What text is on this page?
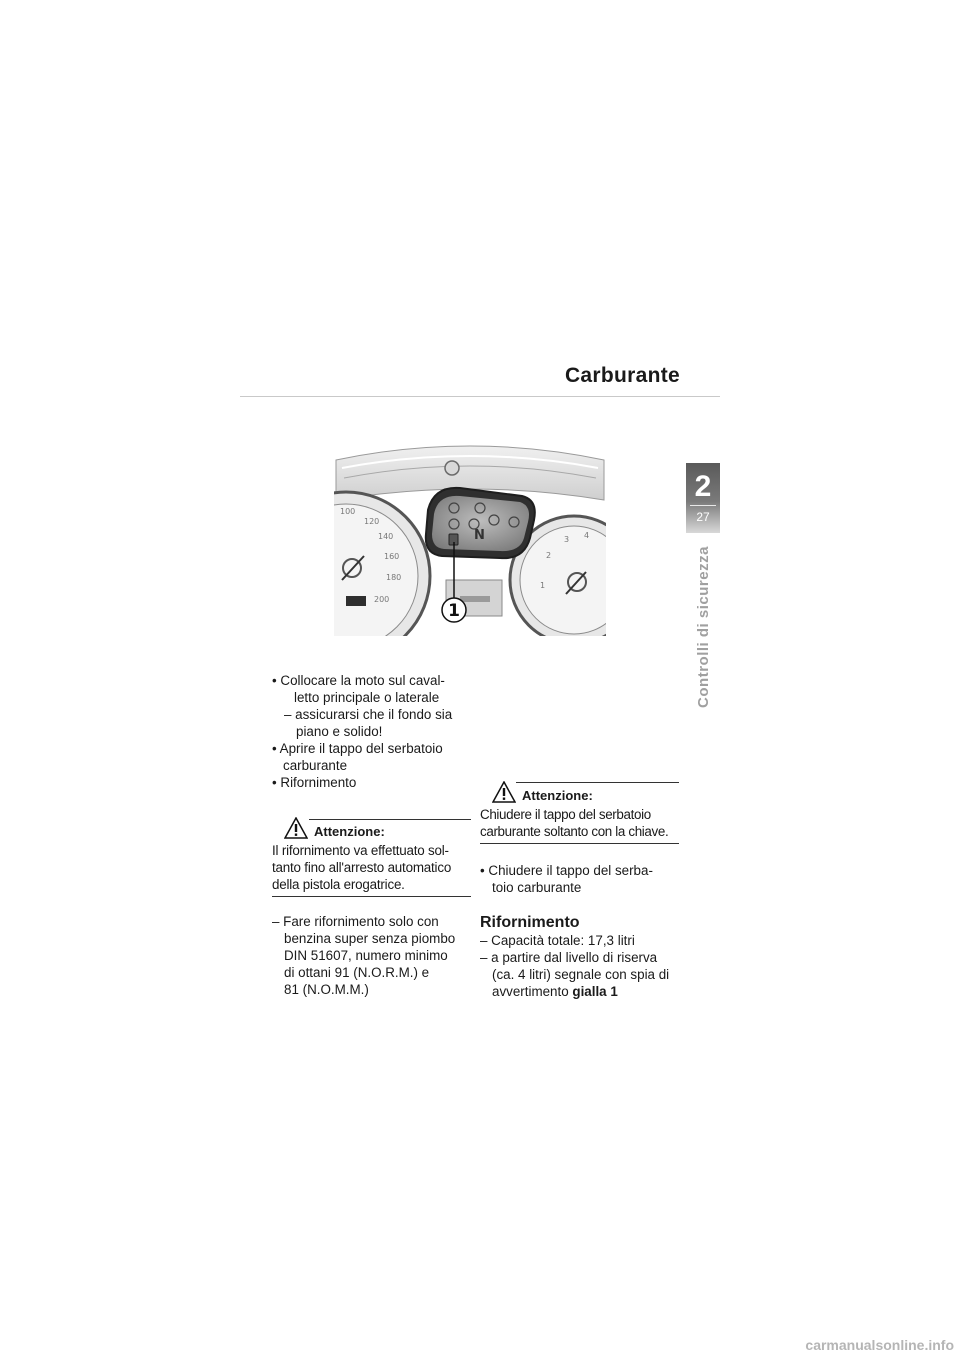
Carburante
2
27
Controlli di sicurezza
100
120
140
160
180
200
1
2
3 4
N
1
• Collocare la moto sul caval-
letto principale o laterale
– assicurarsi che il fondo sia
piano e solido!
• Aprire il tappo del serbatoio
carburante
• Rifornimento
Attenzione:
Il rifornimento va effettuato sol-
tanto fino all'arresto automatico
della pistola erogatrice.
– Fare rifornimento solo con
benzina super senza piombo
DIN 51607, numero minimo
di ottani 91 (N.O.R.M.) e
81 (N.O.M.M.)
Attenzione:
Chiudere il tappo del serbatoio
carburante soltanto con la chiave.
• Chiudere il tappo del serba-
toio carburante
Rifornimento
– Capacità totale: 17,3 litri
– a partire dal livello di riserva
(ca. 4 litri) segnale con spia di
avvertimento gialla 1
carmanualsonline.info
